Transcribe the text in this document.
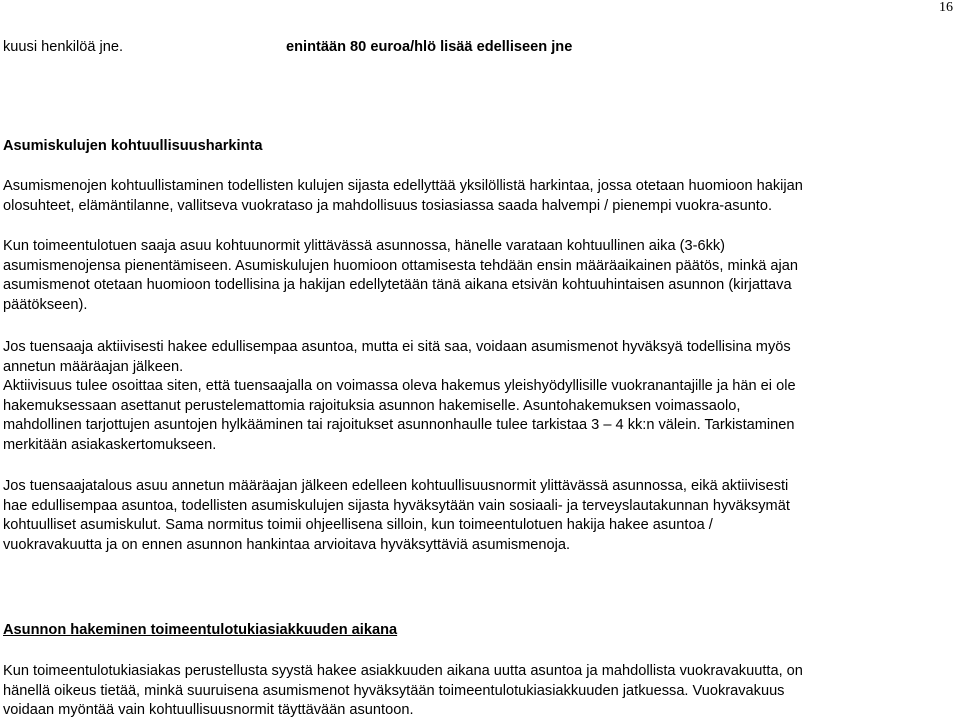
16
kuusi henkilöä jne.	enintään 80 euroa/hlö lisää edelliseen jne
Asumiskulujen kohtuullisuusharkinta
Asumismenojen kohtuullistaminen todellisten kulujen sijasta edellyttää yksilöllistä harkintaa, jossa otetaan huomioon hakijan
olosuhteet, elämäntilanne, vallitseva vuokrataso ja mahdollisuus tosiasiassa saada halvempi / pienempi vuokra-asunto.
Kun toimeentulotuen saaja asuu kohtuunormit ylittävässä asunnossa, hänelle varataan kohtuullinen aika (3-6kk)
asumismenojensa pienentämiseen. Asumiskulujen huomioon ottamisesta tehdään ensin määräaikainen päätös, minkä ajan
asumismenot otetaan huomioon todellisina ja hakijan edellytetään tänä aikana etsivän kohtuuhintaisen asunnon (kirjattava
päätökseen).
Jos tuensaaja aktiivisesti hakee edullisempaa asuntoa, mutta ei sitä saa, voidaan asumismenot hyväksyä todellisina myös
annetun määräajan jälkeen.
Aktiivisuus tulee osoittaa siten, että tuensaajalla on voimassa oleva hakemus yleishyödyllisille vuokranantajille ja hän ei ole
hakemuksessaan asettanut perustelemattomia rajoituksia asunnon hakemiselle. Asuntohakemuksen voimassaolo,
mahdollinen tarjottujen asuntojen hylkääminen tai rajoitukset asunnonhaulle tulee tarkistaa 3 – 4 kk:n välein. Tarkistaminen
merkitään asiakaskertomukseen.
Jos tuensaajatalous asuu annetun määräajan jälkeen edelleen kohtuullisuusnormit ylittävässä asunnossa, eikä aktiivisesti
hae edullisempaa asuntoa, todellisten asumiskulujen sijasta hyväksytään vain sosiaali- ja terveyslautakunnan hyväksymät
kohtuulliset asumiskulut. Sama normitus toimii ohjeellisena silloin, kun toimeentulotuen hakija hakee asuntoa /
vuokravakuutta ja on ennen asunnon hankintaa arvioitava hyväksyttäviä asumismenoja.
Asunnon hakeminen toimeentulotukiasiakkuuden aikana
Kun toimeentulotukiasiakas perustellusta syystä hakee asiakkuuden aikana uutta asuntoa ja mahdollista vuokravakuutta, on
hänellä oikeus tietää, minkä suuruisena asumismenot hyväksytään toimeentulotukiasiakkuuden jatkuessa. Vuokravakuus
voidaan myöntää vain kohtuullisuusnormit täyttävään asuntoon.
